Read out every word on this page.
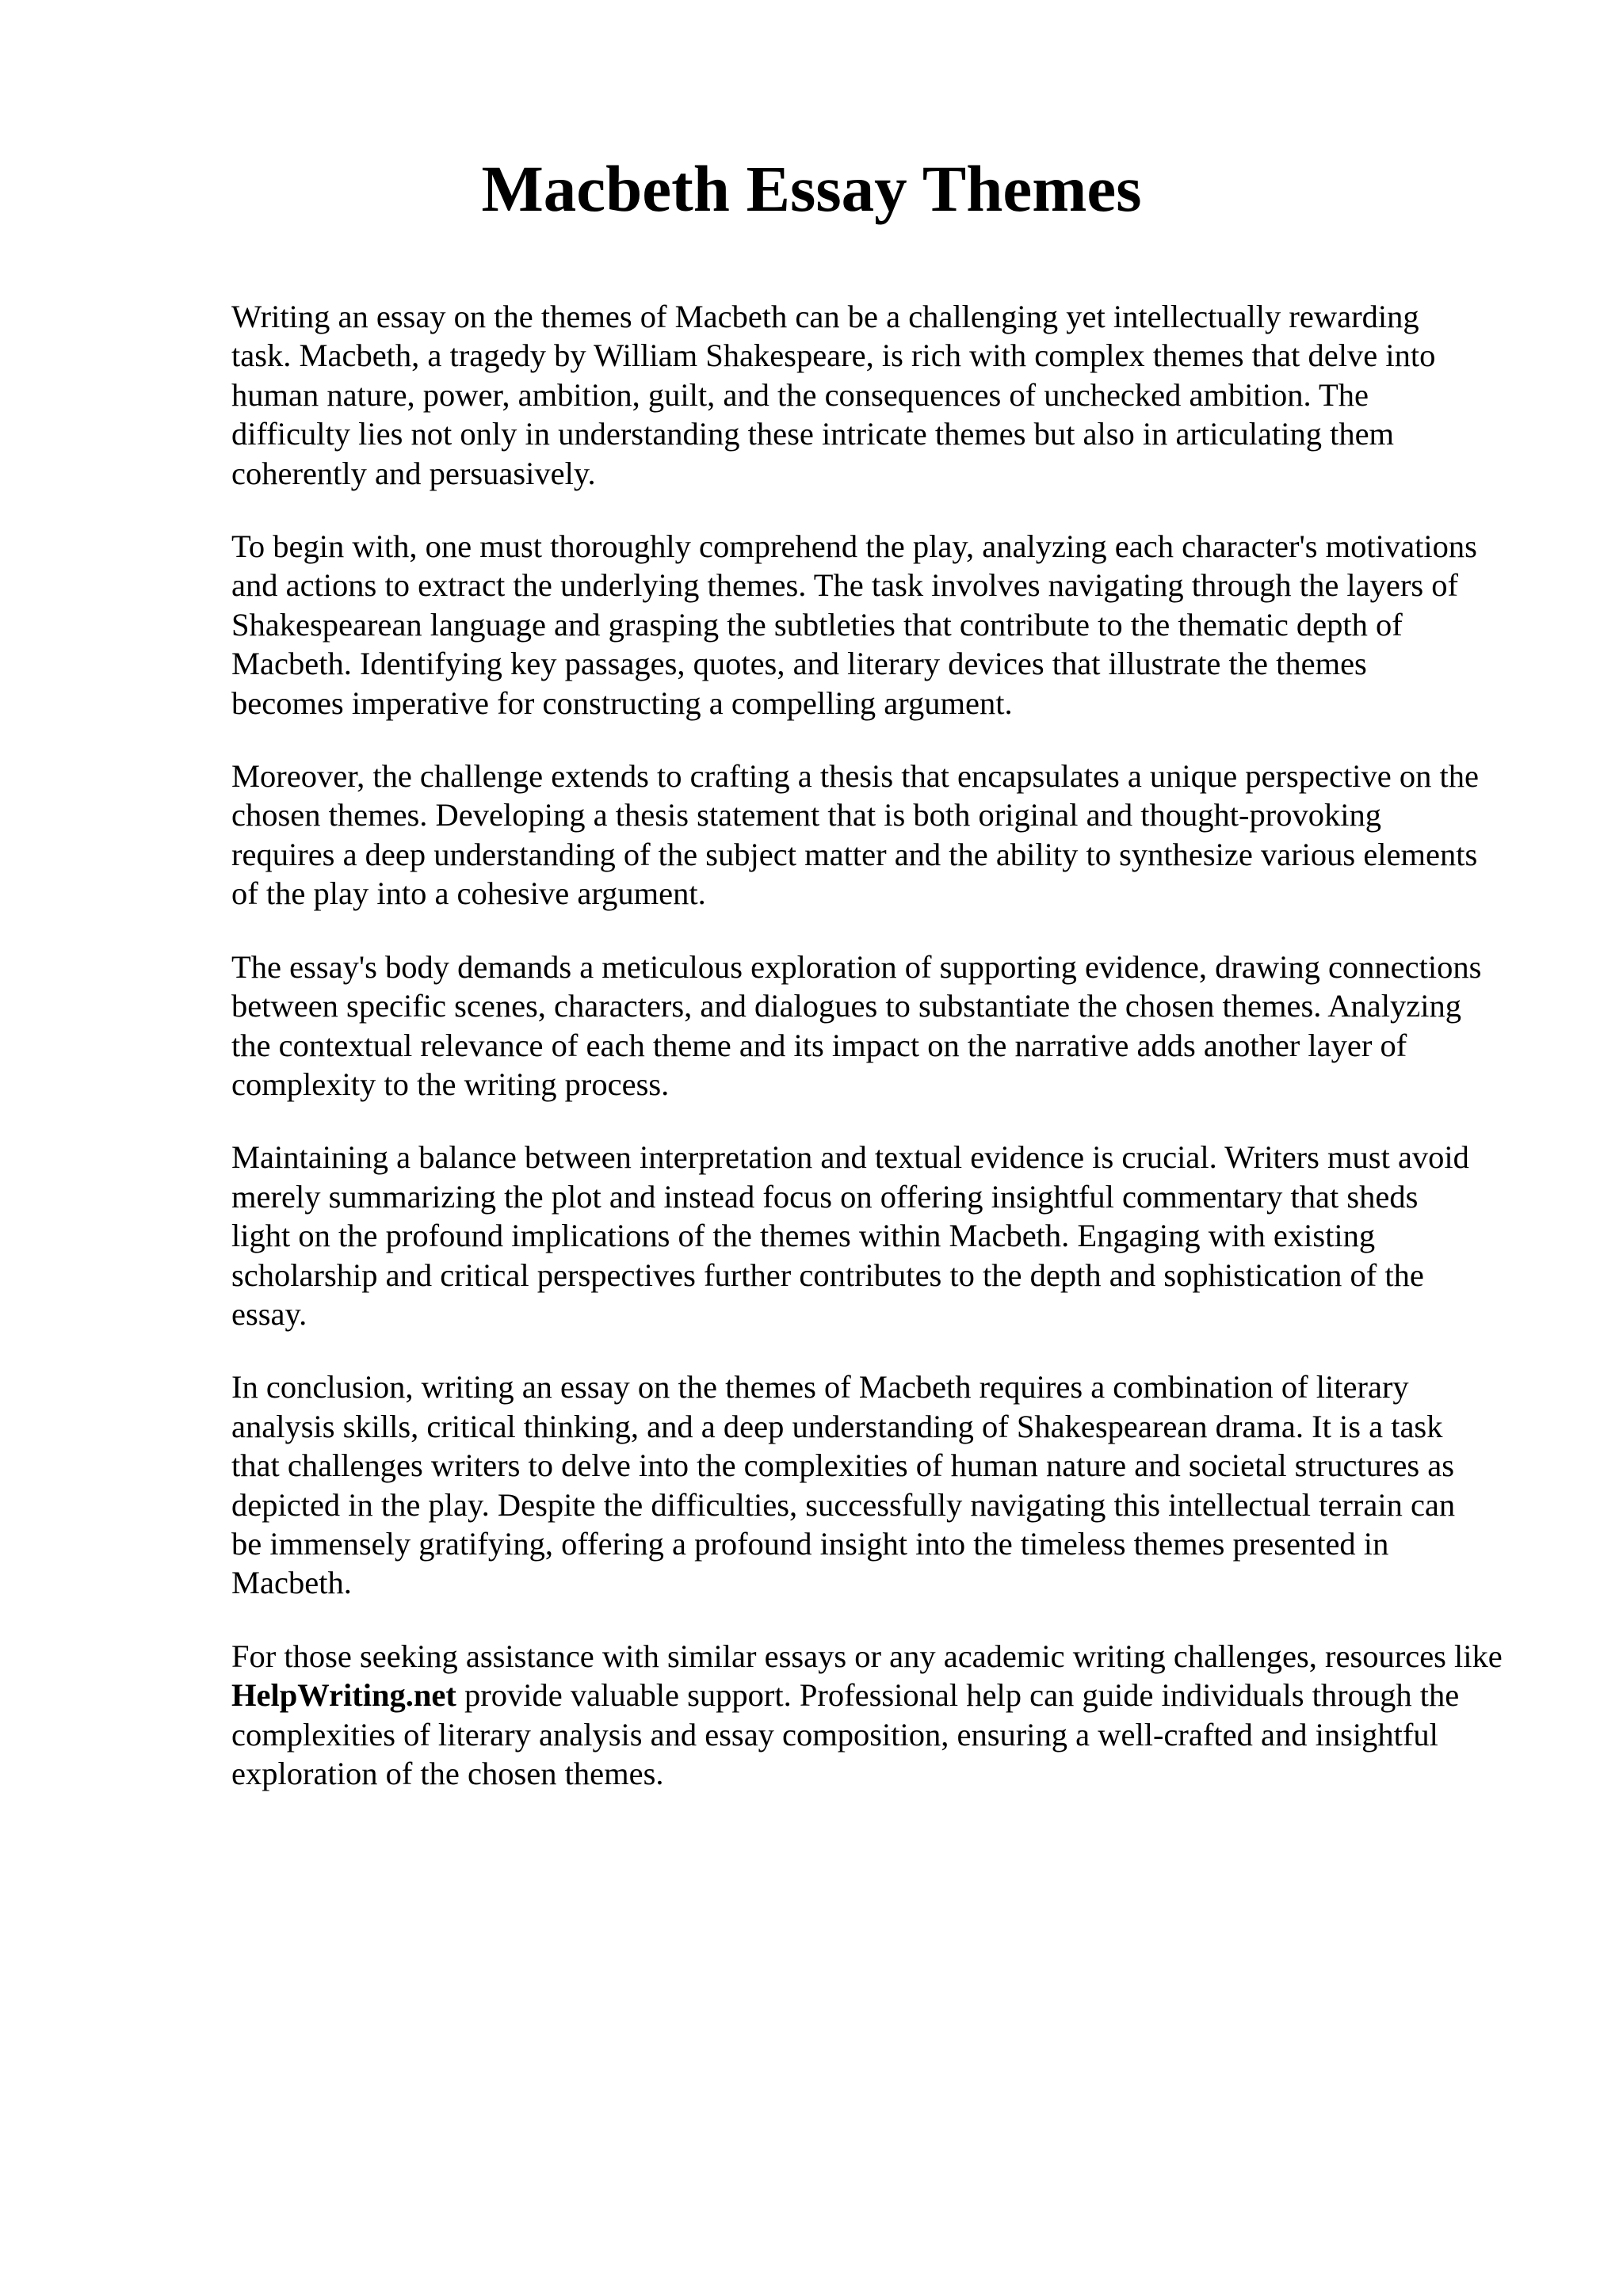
Macbeth Essay Themes

Writing an essay on the themes of Macbeth can be a challenging yet intellectually rewarding
task. Macbeth, a tragedy by William Shakespeare, is rich with complex themes that delve into
human nature, power, ambition, guilt, and the consequences of unchecked ambition. The
difficulty lies not only in understanding these intricate themes but also in articulating them
coherently and persuasively.

To begin with, one must thoroughly comprehend the play, analyzing each character's motivations
and actions to extract the underlying themes. The task involves navigating through the layers of
Shakespearean language and grasping the subtleties that contribute to the thematic depth of
Macbeth. Identifying key passages, quotes, and literary devices that illustrate the themes
becomes imperative for constructing a compelling argument.

Moreover, the challenge extends to crafting a thesis that encapsulates a unique perspective on the
chosen themes. Developing a thesis statement that is both original and thought-provoking
requires a deep understanding of the subject matter and the ability to synthesize various elements
of the play into a cohesive argument.

The essay's body demands a meticulous exploration of supporting evidence, drawing connections
between specific scenes, characters, and dialogues to substantiate the chosen themes. Analyzing
the contextual relevance of each theme and its impact on the narrative adds another layer of
complexity to the writing process.

Maintaining a balance between interpretation and textual evidence is crucial. Writers must avoid
merely summarizing the plot and instead focus on offering insightful commentary that sheds
light on the profound implications of the themes within Macbeth. Engaging with existing
scholarship and critical perspectives further contributes to the depth and sophistication of the
essay.

In conclusion, writing an essay on the themes of Macbeth requires a combination of literary
analysis skills, critical thinking, and a deep understanding of Shakespearean drama. It is a task
that challenges writers to delve into the complexities of human nature and societal structures as
depicted in the play. Despite the difficulties, successfully navigating this intellectual terrain can
be immensely gratifying, offering a profound insight into the timeless themes presented in
Macbeth.

For those seeking assistance with similar essays or any academic writing challenges, resources like
HelpWriting.net provide valuable support. Professional help can guide individuals through the
complexities of literary analysis and essay composition, ensuring a well-crafted and insightful
exploration of the chosen themes.
